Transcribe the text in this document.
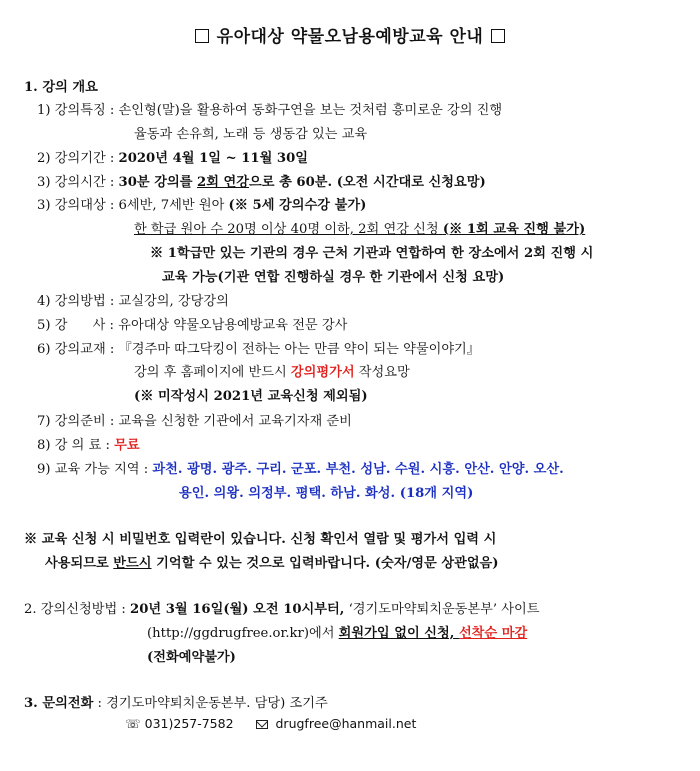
유아대상 약물오남용예방교육 안내
1. 강의 개요
1) 강의특징 : 손인형(말)을 활용하여 동화구연을 보는 것처럼 흥미로운 강의 진행
율동과 손유희, 노래 등 생동감 있는 교육
2) 강의기간 : 2020년 4월 1일 ~ 11월 30일
3) 강의시간 : 30분 강의를 2회 연강으로 총 60분. (오전 시간대로 신청요망)
3) 강의대상 : 6세반, 7세반 원아 (※ 5세 강의수강 불가)
한 학급 원아 수 20명 이상 40명 이하, 2회 연강 신청 (※ 1회 교육 진행 불가)
※ 1학급만 있는 기관의 경우 근처 기관과 연합하여 한 장소에서 2회 진행 시
교육 가능(기관 연합 진행하실 경우 한 기관에서 신청 요망)
4) 강의방법 : 교실강의, 강당강의
5) 강      사 : 유아대상 약물오남용예방교육 전문 강사
6) 강의교재 : 『경주마 따그닥킹이 전하는 아는 만큼 약이 되는 약물이야기』
강의 후 홈페이지에 반드시 강의평가서 작성요망
(※ 미작성시 2021년 교육신청 제외됨)
7) 강의준비 : 교육을 신청한 기관에서 교육기자재 준비
8) 강 의 료 : 무료
9) 교육 가능 지역 : 과천. 광명. 광주. 구리. 군포. 부천. 성남. 수원. 시흥. 안산. 안양. 오산.
용인. 의왕. 의정부. 평택. 하남. 화성. (18개 지역)
※ 교육 신청 시 비밀번호 입력란이 있습니다. 신청 확인서 열람 및 평가서 입력 시
사용되므로 반드시 기억할 수 있는 것으로 입력바랍니다. (숫자/영문 상관없음)
2. 강의신청방법 : 20년 3월 16일(월) 오전 10시부터, ‘경기도마약퇴치운동본부’ 사이트
(http://ggdrugfree.or.kr)에서 회원가입 없이 신청, 선착순 마감
(전화예약불가)
3. 문의전화 : 경기도마약퇴치운동본부. 담당) 조기주
☏ 031)257-7582	drugfree@hanmail.net
